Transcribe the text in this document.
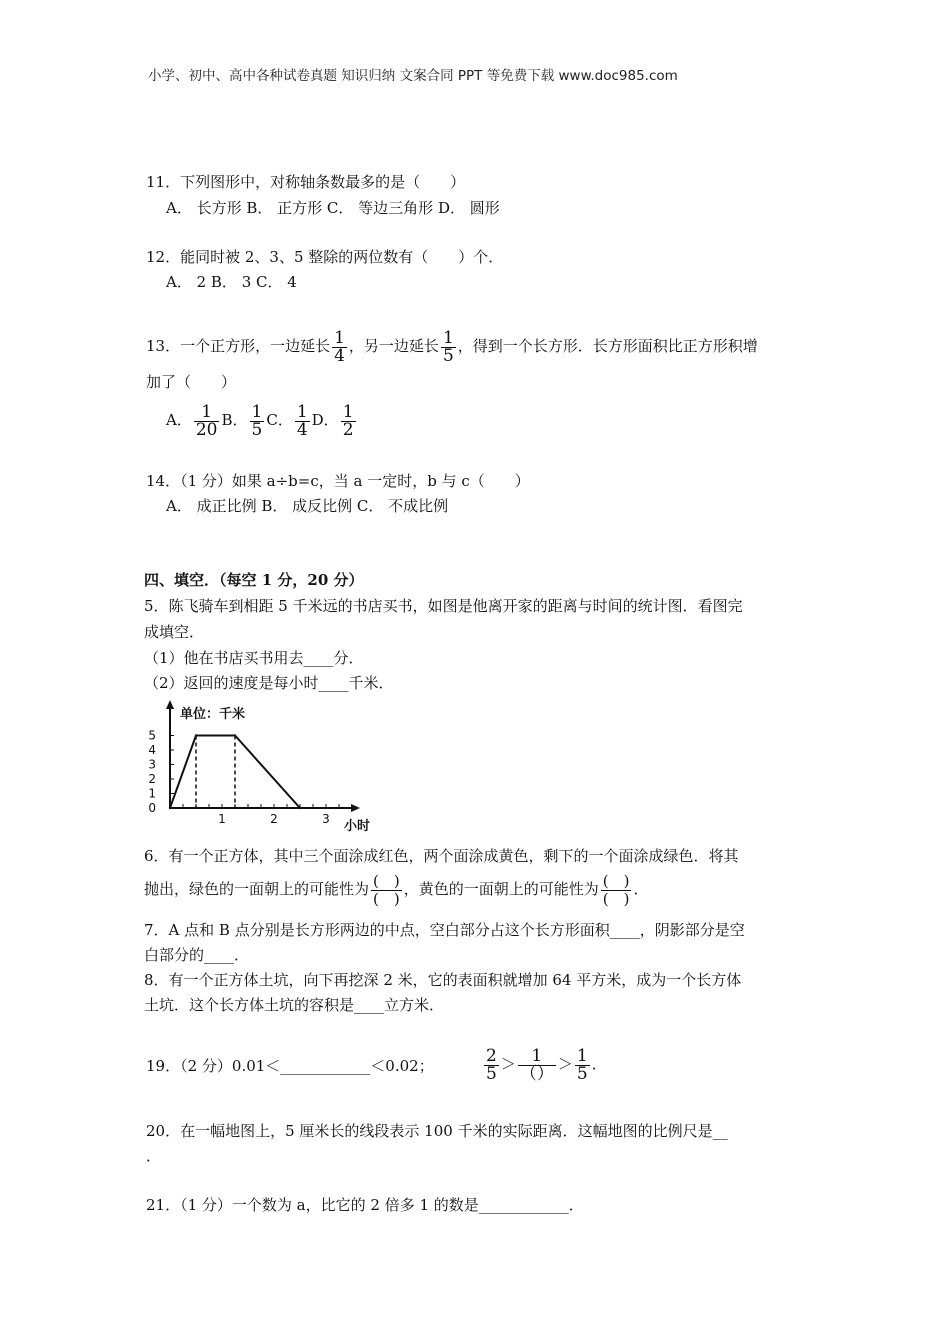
小学、初中、高中各种试卷真题 知识归纳 文案合同 PPT 等免费下载 www.doc985.com
11．下列图形中，对称轴条数最多的是（　　）
A． 长方形 B． 正方形 C． 等边三角形 D． 圆形
12．能同时被 2、3、5 整除的两位数有（　　）个．
A． 2 B． 3 C． 4
13．一个正方形，一边延长 $\frac{1}{4}$ ，另一边延长 $\frac{1}{5}$ ，得到一个长方形．长方形面积比正方形积增
加了（　　）
A． $\frac{1}{20}$ B． $\frac{1}{5}$ C． $\frac{1}{4}$ D． $\frac{1}{2}$
14．（1 分）如果 a÷b=c，当 a 一定时，b 与 c（　　）
A． 成正比例 B． 成反比例 C． 不成比例
四、填空．（每空 1 分，20 分）
5．陈飞骑车到相距 5 千米远的书店买书，如图是他离开家的距离与时间的统计图．看图完
成填空．
（1）他在书店买书用去____分．
（2）返回的速度是每小时____千米．
单位：千米
小时
0
1
2
3
4
5
1	2	3
6．有一个正方体，其中三个面涂成红色，两个面涂成黄色，剩下的一个面涂成绿色．将其
抛出，绿色的一面朝上的可能性为 $\frac{( )}{( )}$ ，黄色的一面朝上的可能性为 $\frac{( )}{( )}$ ．
7．A 点和 B 点分别是长方形两边的中点，空白部分占这个长方形面积____，阴影部分是空
白部分的____．
8．有一个正方体土坑，向下再挖深 2 米，它的表面积就增加 64 平方米，成为一个长方体
土坑．这个长方体土坑的容积是____立方米．
19．（2 分）0.01＜____________＜0.02；	$\frac{2}{5} > \frac{1}{()} > \frac{1}{5}$ ．
20．在一幅地图上，5 厘米长的线段表示 100 千米的实际距离．这幅地图的比例尺是__
．
21．（1 分）一个数为 a，比它的 2 倍多 1 的数是____________．
